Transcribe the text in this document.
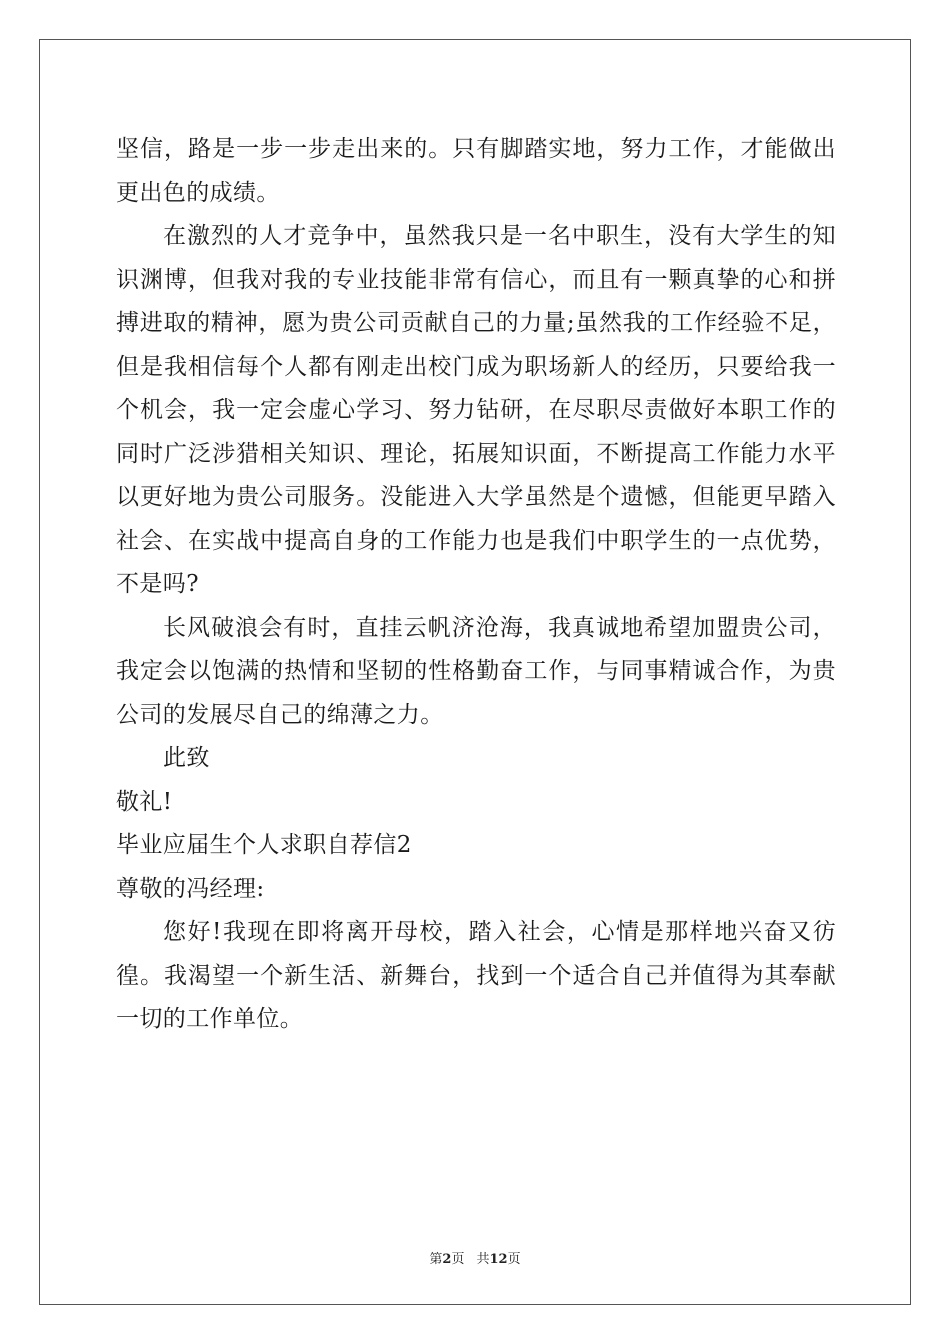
坚信，路是一步一步走出来的。只有脚踏实地，努力工作，才能做出
更出色的成绩。
在激烈的人才竞争中，虽然我只是一名中职生，没有大学生的知
识渊博，但我对我的专业技能非常有信心，而且有一颗真挚的心和拼
搏进取的精神，愿为贵公司贡献自己的力量;虽然我的工作经验不足，
但是我相信每个人都有刚走出校门成为职场新人的经历，只要给我一
个机会，我一定会虚心学习、努力钻研，在尽职尽责做好本职工作的
同时广泛涉猎相关知识、理论，拓展知识面，不断提高工作能力水平
以更好地为贵公司服务。没能进入大学虽然是个遗憾，但能更早踏入
社会、在实战中提高自身的工作能力也是我们中职学生的一点优势，
不是吗?
长风破浪会有时，直挂云帆济沧海，我真诚地希望加盟贵公司，
我定会以饱满的热情和坚韧的性格勤奋工作，与同事精诚合作，为贵
公司的发展尽自己的绵薄之力。
此致
敬礼!
毕业应届生个人求职自荐信2
尊敬的冯经理:
您好!我现在即将离开母校，踏入社会，心情是那样地兴奋又彷
徨。我渴望一个新生活、新舞台，找到一个适合自己并值得为其奉献
一切的工作单位。
第2页 共12页
